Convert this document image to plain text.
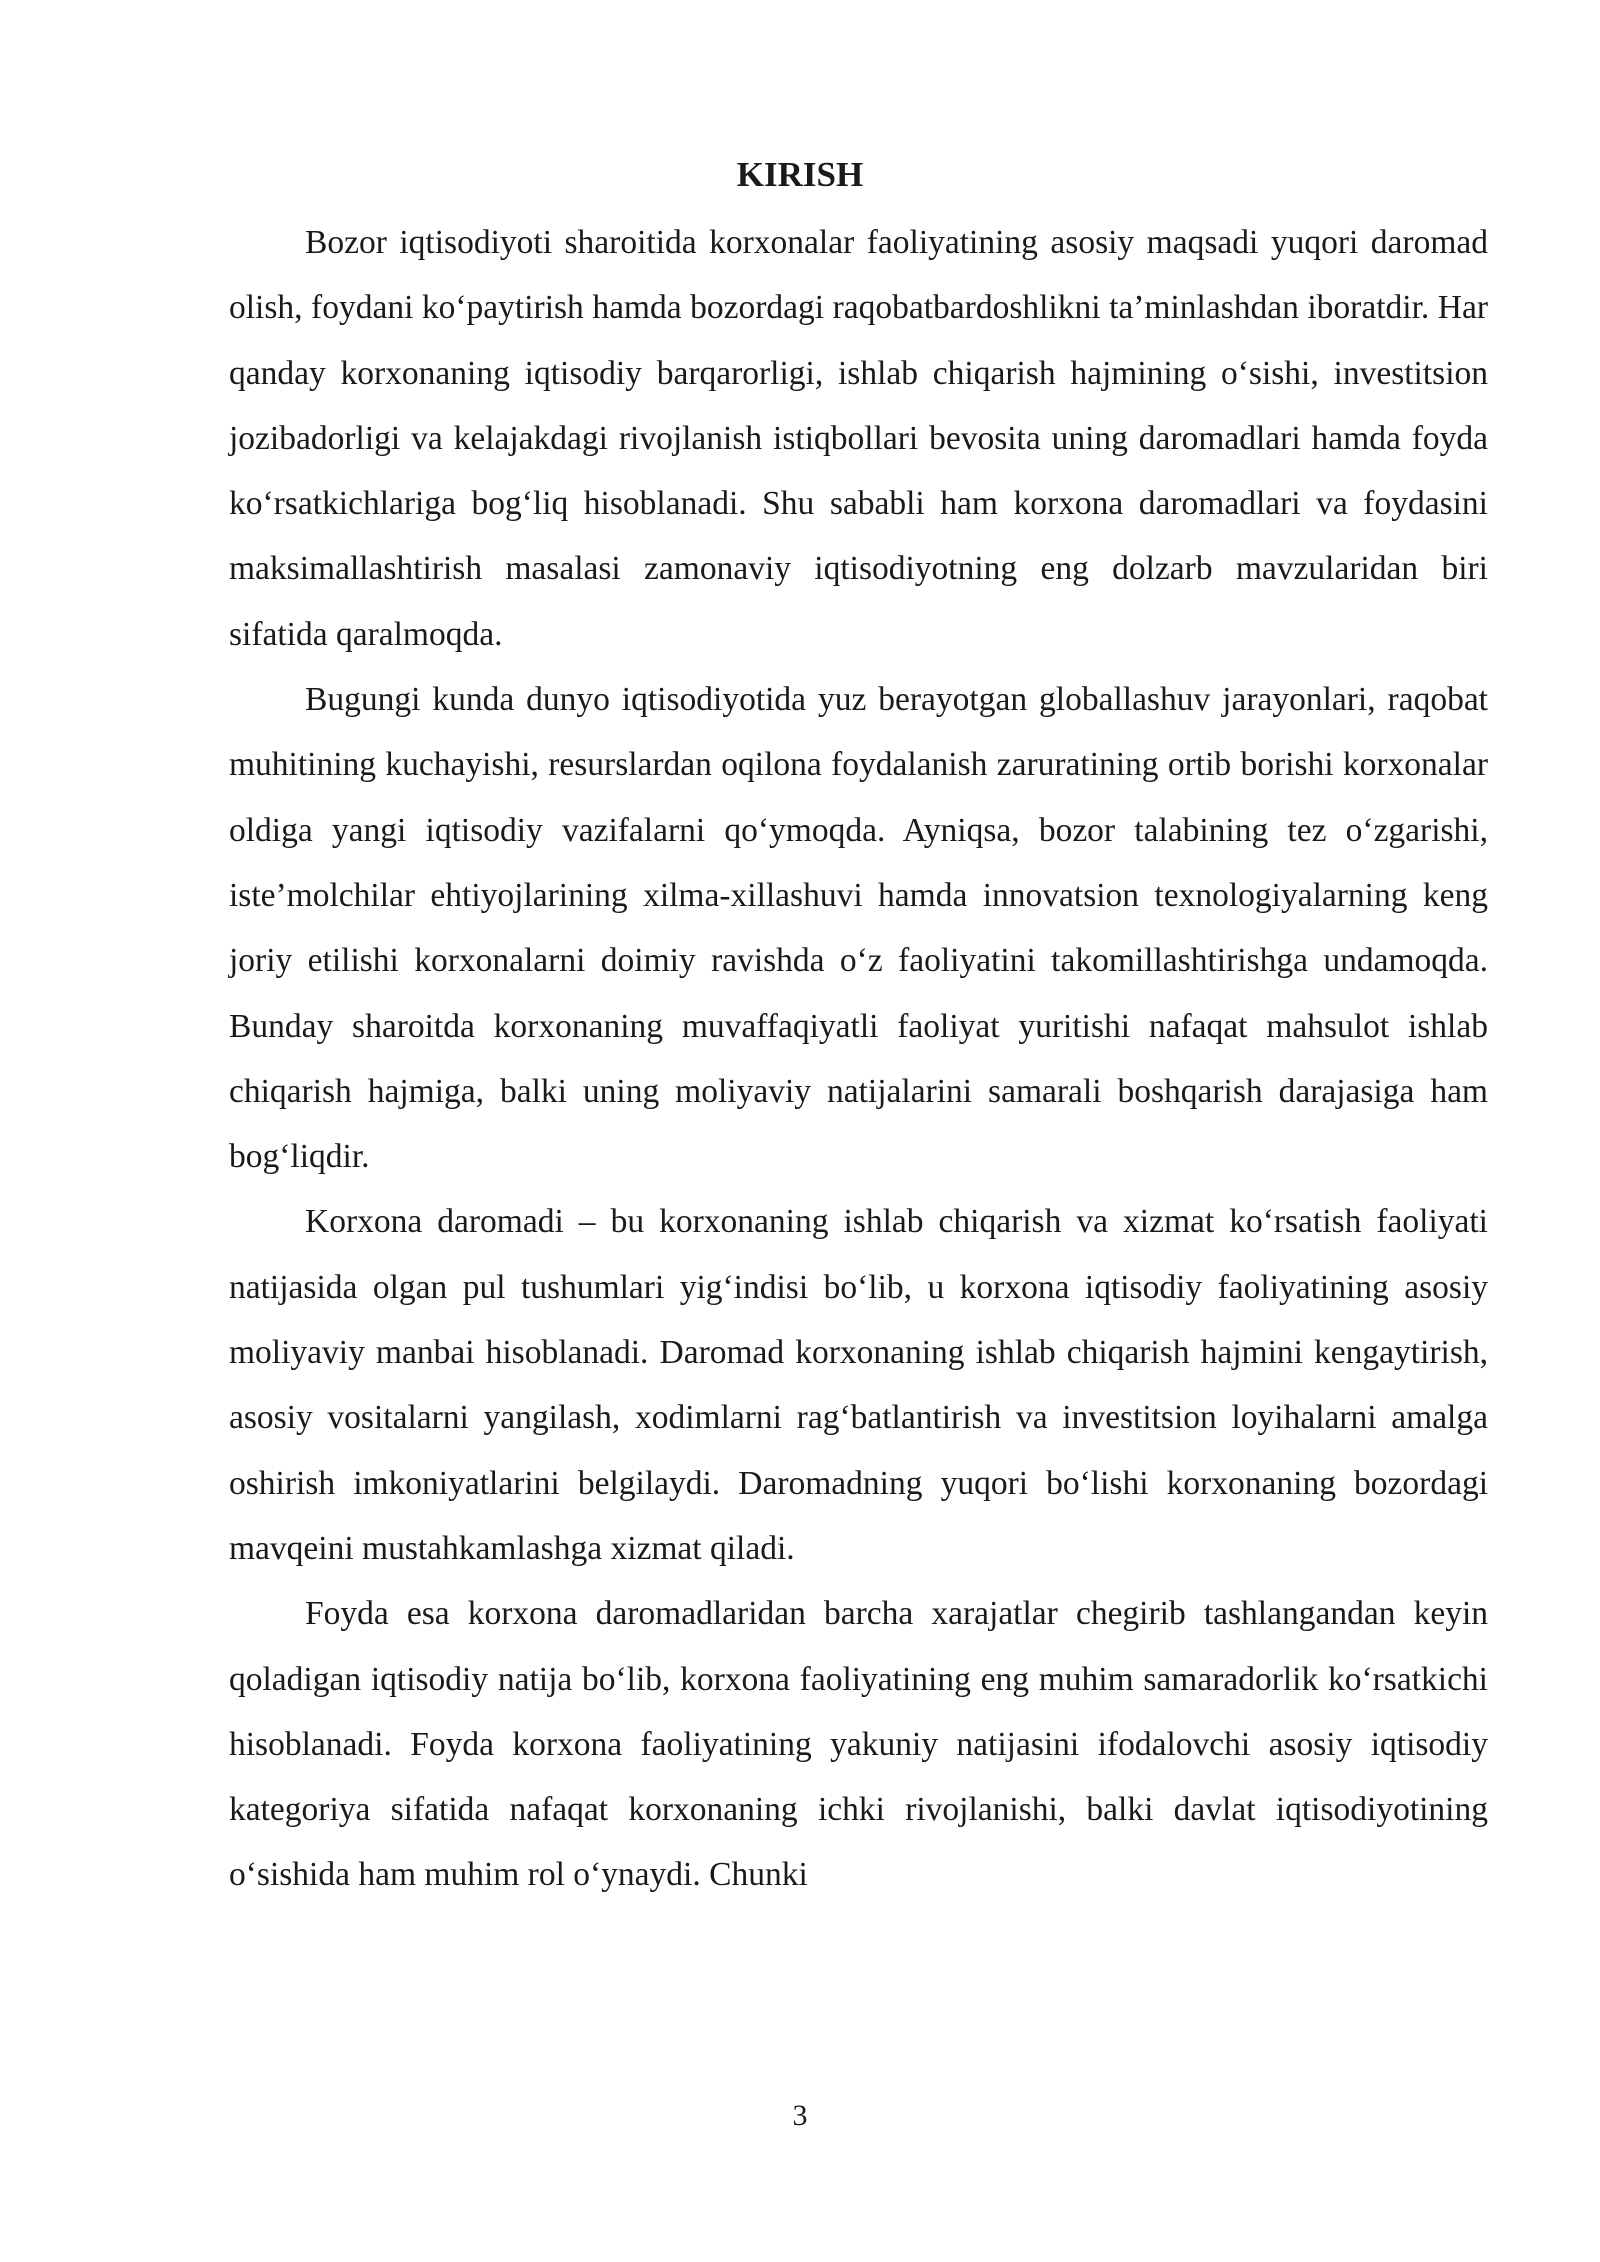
KIRISH

Bozor iqtisodiyoti sharoitida korxonalar faoliyatining asosiy maqsadi yuqori daromad olish, foydani ko‘paytirish hamda bozordagi raqobatbardoshlikni ta’minlashdan iboratdir. Har qanday korxonaning iqtisodiy barqarorligi, ishlab chiqarish hajmining o‘sishi, investitsion jozibadorligi va kelajakdagi rivojlanish istiqbollari bevosita uning daromadlari hamda foyda ko‘rsatkichlariga bog‘liq hisoblanadi. Shu sababli ham korxona daromadlari va foydasini maksimallashtirish masalasi zamonaviy iqtisodiyotning eng dolzarb mavzularidan biri sifatida qaralmoqda.

Bugungi kunda dunyo iqtisodiyotida yuz berayotgan globallashuv jarayonlari, raqobat muhitining kuchayishi, resurslardan oqilona foydalanish zaruratining ortib borishi korxonalar oldiga yangi iqtisodiy vazifalarni qo‘ymoqda. Ayniqsa, bozor talabining tez o‘zgarishi, iste’molchilar ehtiyojlarining xilma-xillashuvi hamda innovatsion texnologiyalarning keng joriy etilishi korxonalarni doimiy ravishda o‘z faoliyatini takomillashtirishga undamoqda. Bunday sharoitda korxonaning muvaffaqiyatli faoliyat yuritishi nafaqat mahsulot ishlab chiqarish hajmiga, balki uning moliyaviy natijalarini samarali boshqarish darajasiga ham bog‘liqdir.

Korxona daromadi – bu korxonaning ishlab chiqarish va xizmat ko‘rsatish faoliyati natijasida olgan pul tushumlari yig‘indisi bo‘lib, u korxona iqtisodiy faoliyatining asosiy moliyaviy manbai hisoblanadi. Daromad korxonaning ishlab chiqarish hajmini kengaytirish, asosiy vositalarni yangilash, xodimlarni rag‘batlantirish va investitsion loyihalarni amalga oshirish imkoniyatlarini belgilaydi. Daromadning yuqori bo‘lishi korxonaning bozordagi mavqeini mustahkamlashga xizmat qiladi.

Foyda esa korxona daromadlaridan barcha xarajatlar chegirib tashlangandan keyin qoladigan iqtisodiy natija bo‘lib, korxona faoliyatining eng muhim samaradorlik ko‘rsatkichi hisoblanadi. Foyda korxona faoliyatining yakuniy natijasini ifodalovchi asosiy iqtisodiy kategoriya sifatida nafaqat korxonaning ichki rivojlanishi, balki davlat iqtisodiyotining o‘sishida ham muhim rol o‘ynaydi. Chunki

3
